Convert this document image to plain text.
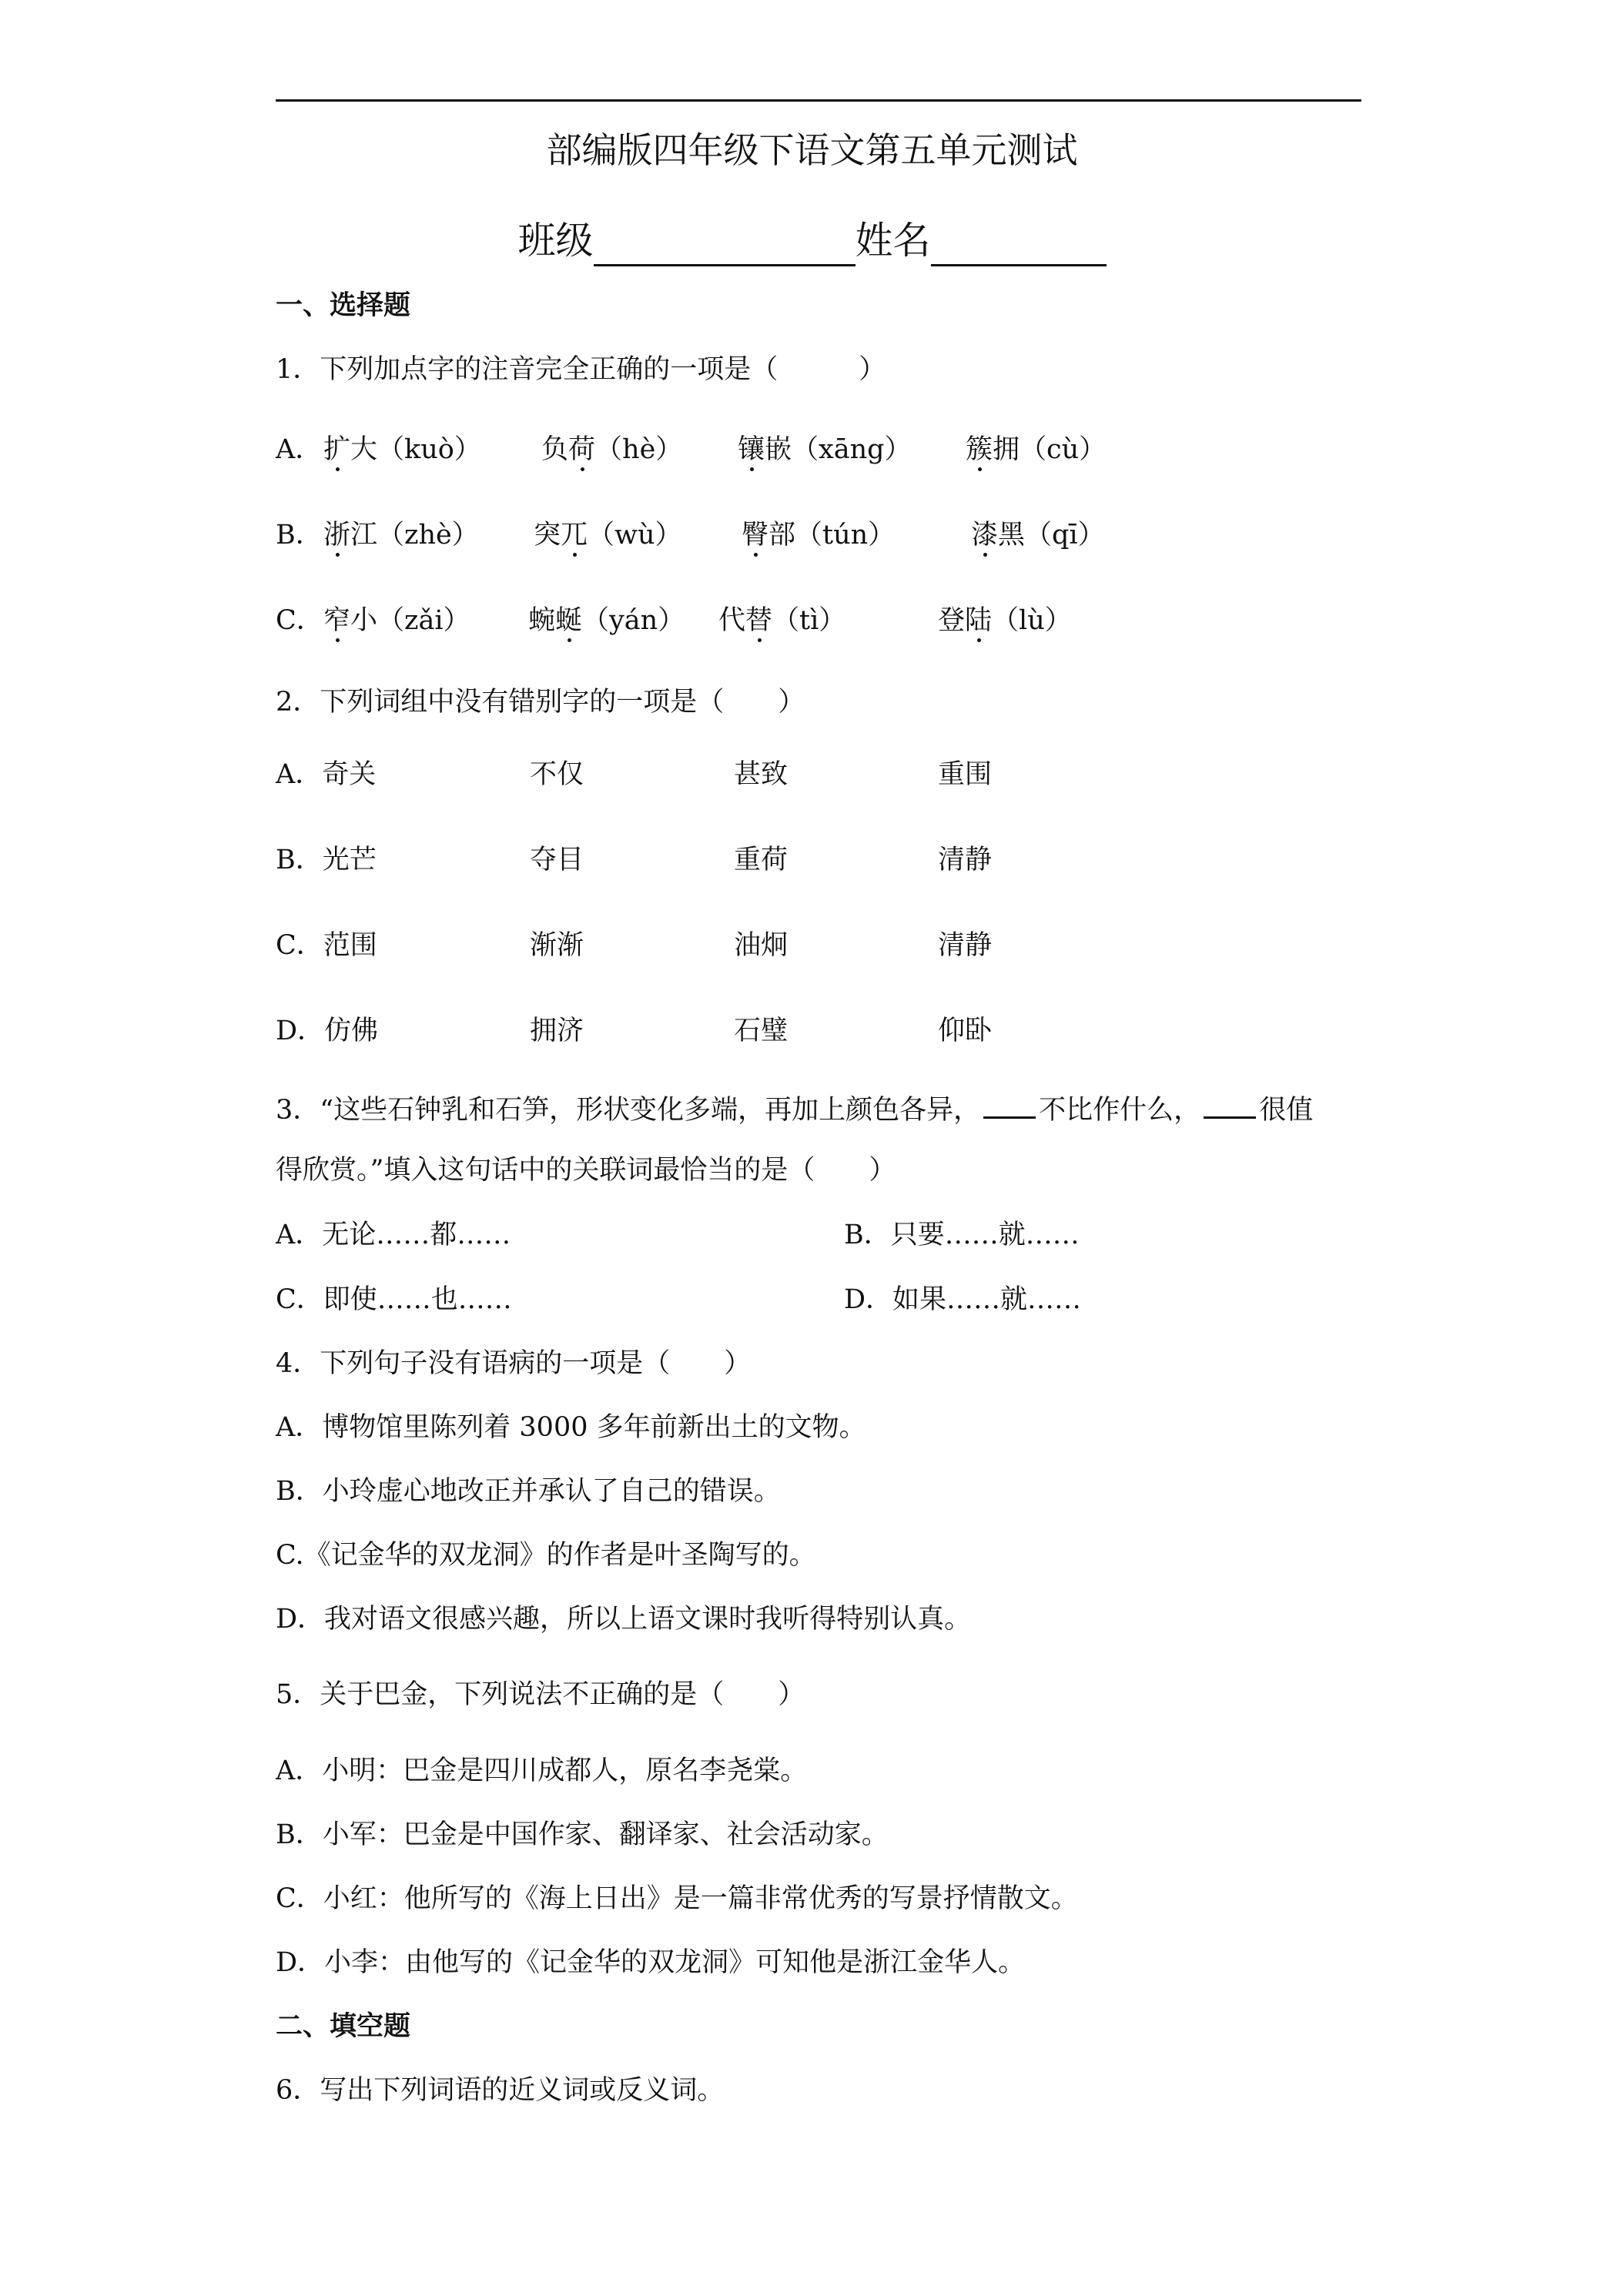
部编版四年级下语文第五单元测试
班级	姓名
一、选择题
1．下列加点字的注音完全正确的一项是（　　　）
A． 扩大（kuò） 负荷（hè） 镶嵌（xāng） 簇拥（cù）
B． 浙江（zhè） 突兀（wù） 臀部（tún）	漆黑（qī）
C． 窄小（zǎi） 蜿蜒（yán） 代替（tì）	登陆（lù）
2．下列词组中没有错别字的一项是（　　）
A．奇关	不仅	甚致	重围
B．光芒	夺目	重荷	清静
C．范围	渐渐	油炯	清静
D．仿佛	拥济	石璧	仰卧
3．“这些石钟乳和石笋，形状变化多端，再加上颜色各异， 不比作什么， 很值
得欣赏。”填入这句话中的关联词最恰当的是（　　）
A．无论……都……	B．只要……就……
C．即使……也……	D．如果……就……
4．下列句子没有语病的一项是（　　）
A．博物馆里陈列着 3000 多年前新出土的文物。
B．小玲虚心地改正并承认了自己的错误。
C.《记金华的双龙洞》的作者是叶圣陶写的。
D．我对语文很感兴趣，所以上语文课时我听得特别认真。
5．关于巴金，下列说法不正确的是（　　）
A．小明：巴金是四川成都人，原名李尧棠。
B．小军：巴金是中国作家、翻译家、社会活动家。
C．小红：他所写的《海上日出》是一篇非常优秀的写景抒情散文。
D．小李：由他写的《记金华的双龙洞》可知他是浙江金华人。
二、填空题
6．写出下列词语的近义词或反义词。
